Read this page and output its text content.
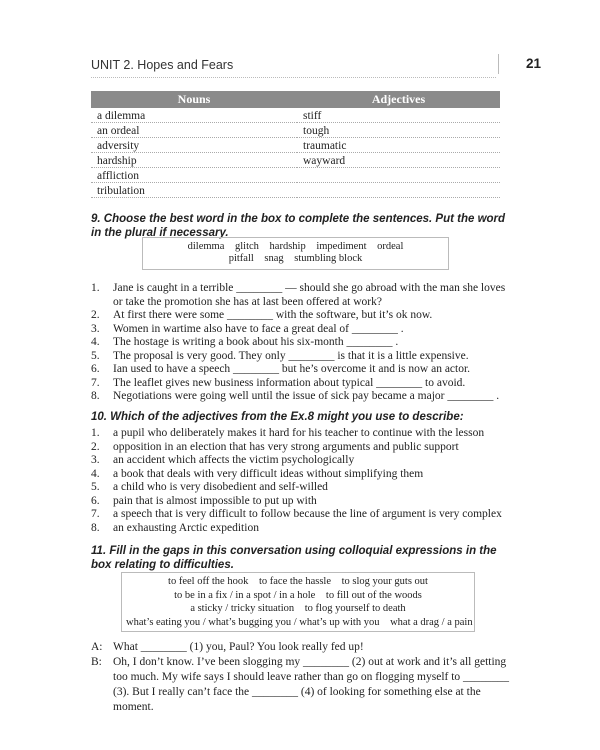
UNIT 2. Hopes and Fears	21
Nouns	Adjectives
a dilemma	stiff
an ordeal	tough
adversity	traumatic
hardship	wayward
affliction	
tribulation	
9. Choose the best word in the box to complete the sentences. Put the word in the plural if necessary.
dilemma glitch hardship impediment ordeal
pitfall snag stumbling block
1. Jane is caught in a terrible ________ — should she go abroad with the man she loves or take the promotion she has at last been offered at work?
2. At first there were some ________ with the software, but it’s ok now.
3. Women in wartime also have to face a great deal of ________ .
4. The hostage is writing a book about his six-month ________ .
5. The proposal is very good. They only ________ is that it is a little expensive.
6. Ian used to have a speech ________ but he’s overcome it and is now an actor.
7. The leaflet gives new business information about typical ________ to avoid.
8. Negotiations were going well until the issue of sick pay became a major ________ .
10. Which of the adjectives from the Ex.8 might you use to describe:
1. a pupil who deliberately makes it hard for his teacher to continue with the lesson
2. opposition in an election that has very strong arguments and public support
3. an accident which affects the victim psychologically
4. a book that deals with very difficult ideas without simplifying them
5. a child who is very disobedient and self-willed
6. pain that is almost impossible to put up with
7. a speech that is very difficult to follow because the line of argument is very complex
8. an exhausting Arctic expedition
11. Fill in the gaps in this conversation using colloquial expressions in the box relating to difficulties.
to feel off the hook to face the hassle to slog your guts out
to be in a fix / in a spot / in a hole to fill out of the woods
a sticky / tricky situation to flog yourself to death
what’s eating you / what’s bugging you / what’s up with you what a drag / a pain
A: What ________ (1) you, Paul? You look really fed up!
B: Oh, I don’t know. I’ve been slogging my ________ (2) out at work and it’s all getting too much. My wife says I should leave rather than go on flogging myself to ________ (3). But I really can’t face the ________ (4) of looking for something else at the moment.
